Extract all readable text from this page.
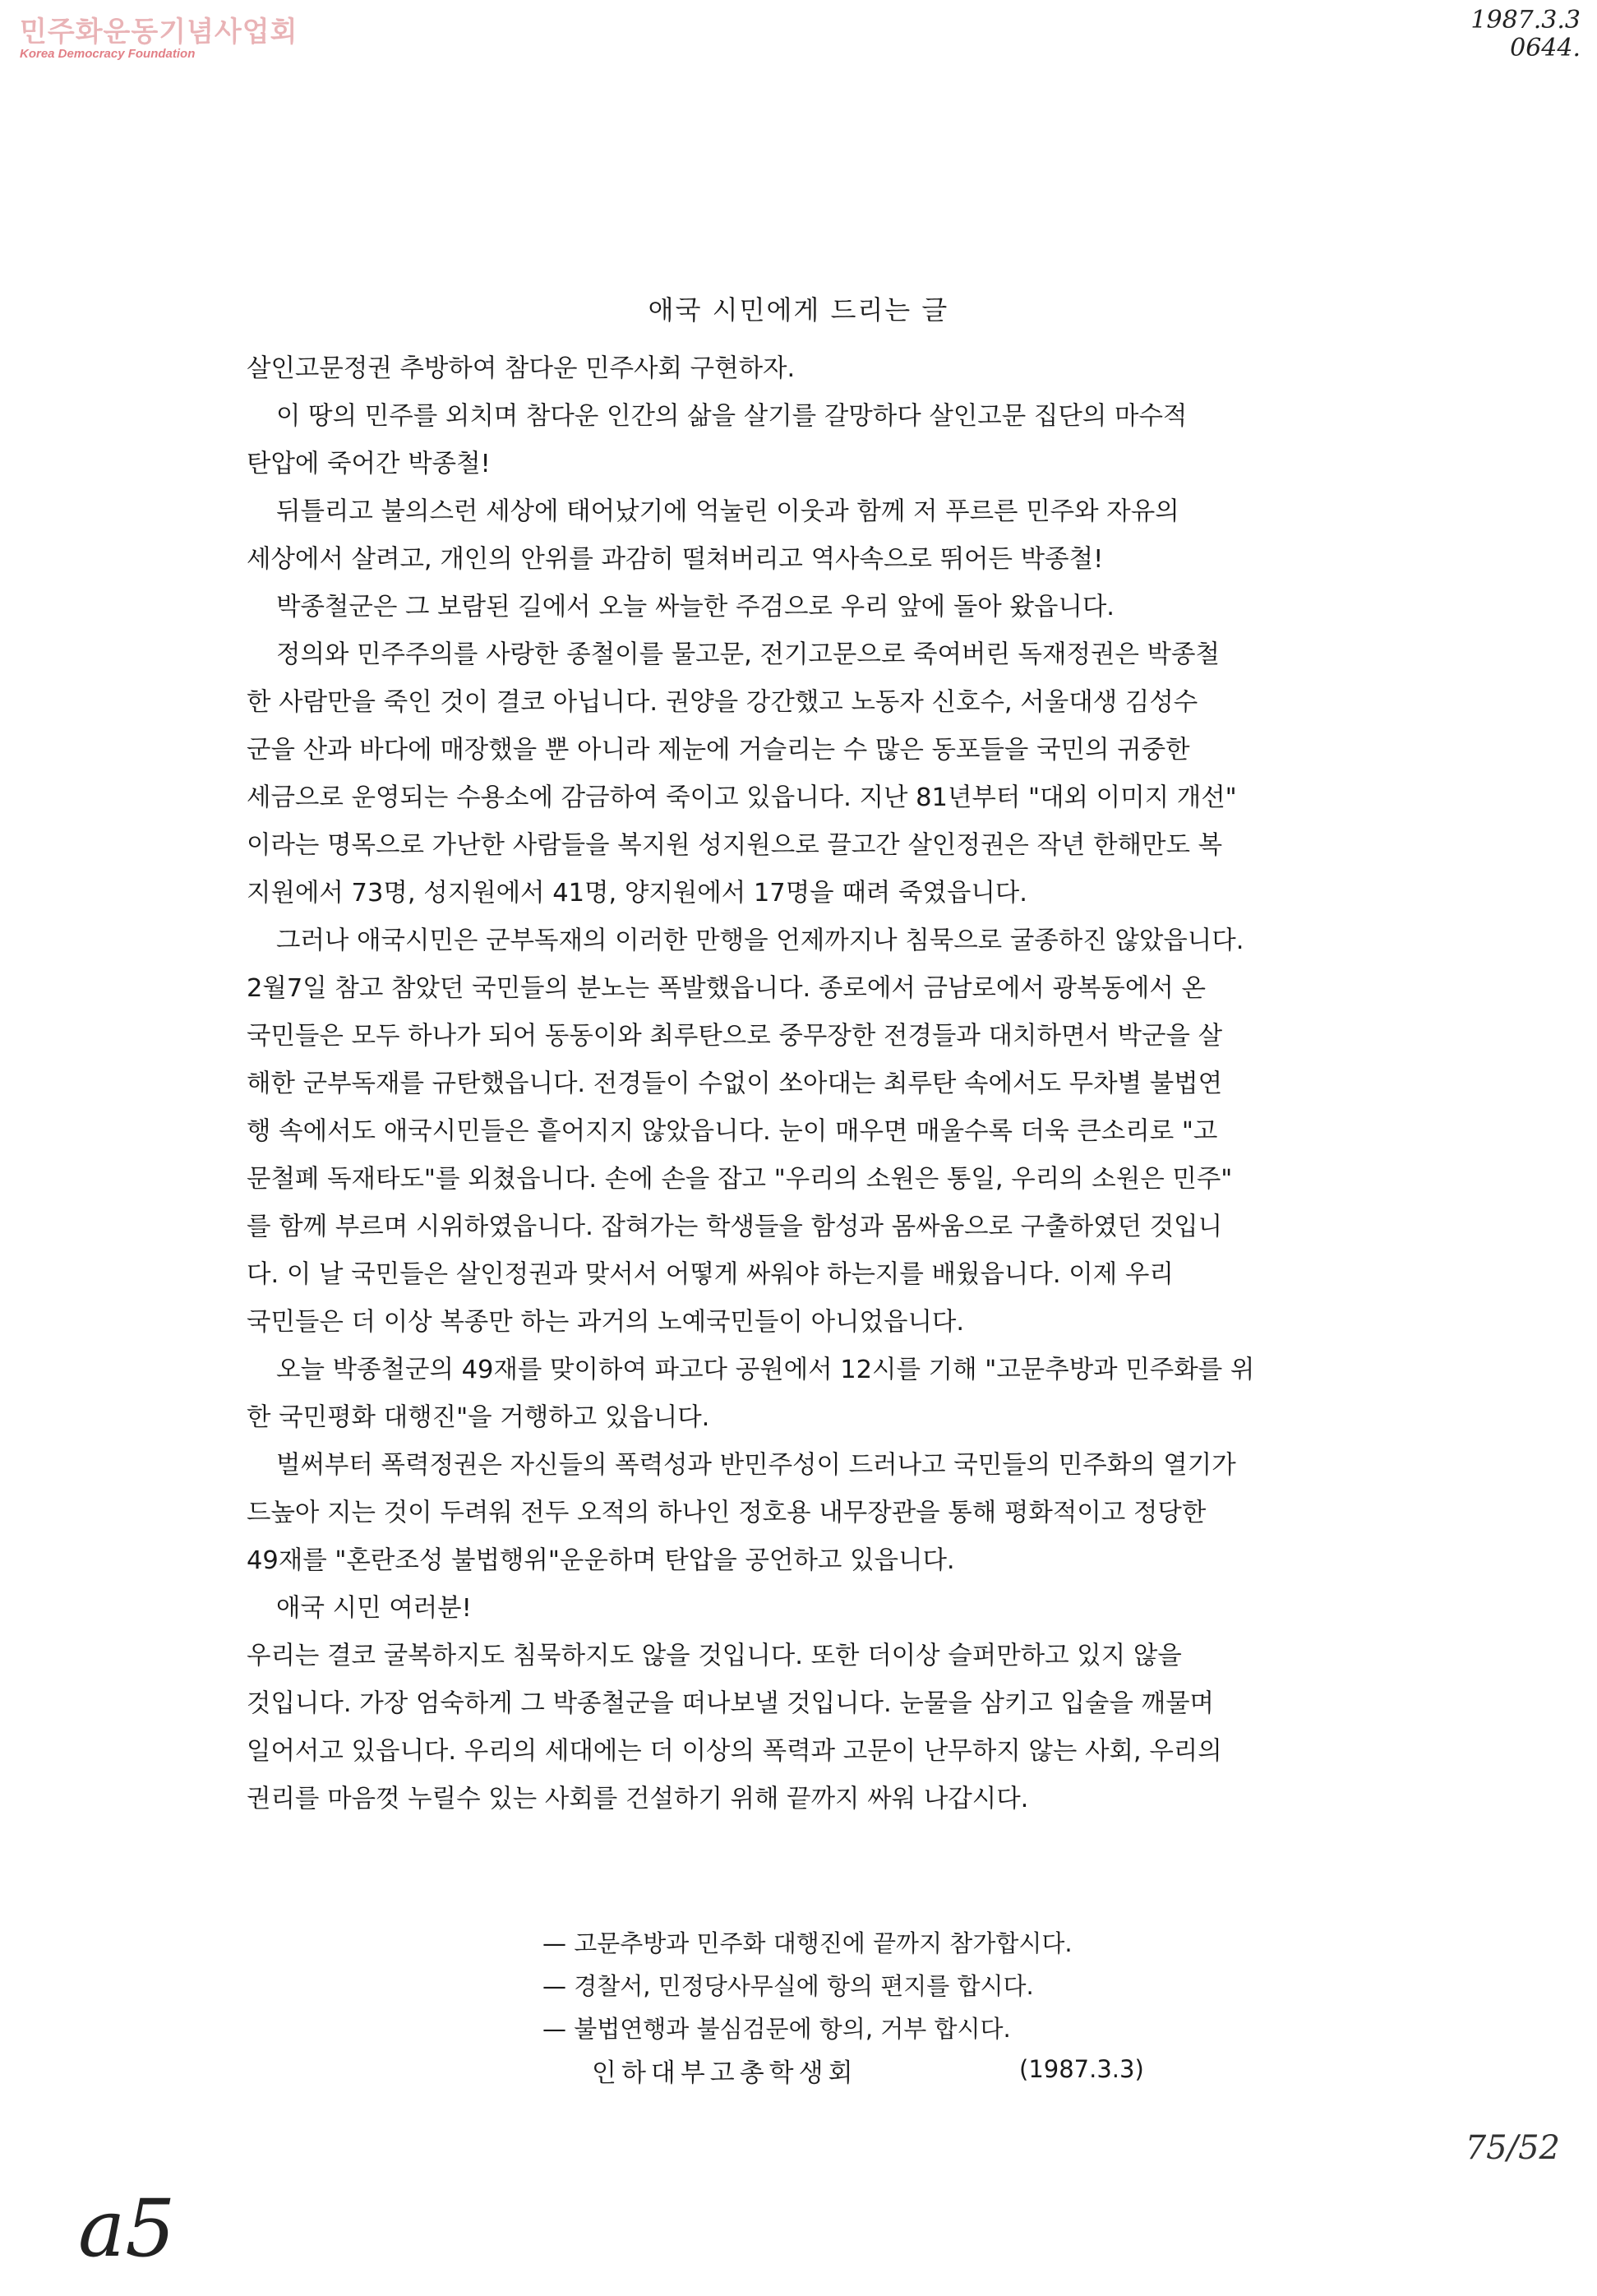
민주화운동기념사업회
Korea Democracy Foundation
1987.3.3
0644.
애국 시민에게 드리는 글
살인고문정권 추방하여 참다운 민주사회 구현하자.
이 땅의 민주를 외치며 참다운 인간의 삶을 살기를 갈망하다 살인고문 집단의 마수적
탄압에 죽어간 박종철!
뒤틀리고 불의스런 세상에 태어났기에 억눌린 이웃과 함께 저 푸르른 민주와 자유의
세상에서 살려고, 개인의 안위를 과감히 떨쳐버리고 역사속으로 뛰어든 박종철!
박종철군은 그 보람된 길에서 오늘 싸늘한 주검으로 우리 앞에 돌아 왔읍니다.
정의와 민주주의를 사랑한 종철이를 물고문, 전기고문으로 죽여버린 독재정권은 박종철
한 사람만을 죽인 것이 결코 아닙니다. 권양을 강간했고 노동자 신호수, 서울대생 김성수
군을 산과 바다에 매장했을 뿐 아니라 제눈에 거슬리는 수 많은 동포들을 국민의 귀중한
세금으로 운영되는 수용소에 감금하여 죽이고 있읍니다. 지난 81년부터 "대외 이미지 개선"
이라는 명목으로 가난한 사람들을 복지원 성지원으로 끌고간 살인정권은 작년 한해만도 복
지원에서 73명, 성지원에서 41명, 양지원에서 17명을 때려 죽였읍니다.
그러나 애국시민은 군부독재의 이러한 만행을 언제까지나 침묵으로 굴종하진 않았읍니다.
2월7일 참고 참았던 국민들의 분노는 폭발했읍니다. 종로에서 금남로에서 광복동에서 온
국민들은 모두 하나가 되어 동동이와 최루탄으로 중무장한 전경들과 대치하면서 박군을 살
해한 군부독재를 규탄했읍니다. 전경들이 수없이 쏘아대는 최루탄 속에서도 무차별 불법연
행 속에서도 애국시민들은 흩어지지 않았읍니다. 눈이 매우면 매울수록 더욱 큰소리로 "고
문철폐 독재타도"를 외쳤읍니다. 손에 손을 잡고 "우리의 소원은 통일, 우리의 소원은 민주"
를 함께 부르며 시위하였읍니다. 잡혀가는 학생들을 함성과 몸싸움으로 구출하였던 것입니
다. 이 날 국민들은 살인정권과 맞서서 어떻게 싸워야 하는지를 배웠읍니다. 이제 우리
국민들은 더 이상 복종만 하는 과거의 노예국민들이 아니었읍니다.
오늘 박종철군의 49재를 맞이하여 파고다 공원에서 12시를 기해 "고문추방과 민주화를 위
한 국민평화 대행진"을 거행하고 있읍니다.
벌써부터 폭력정권은 자신들의 폭력성과 반민주성이 드러나고 국민들의 민주화의 열기가
드높아 지는 것이 두려워 전두 오적의 하나인 정호용 내무장관을 통해 평화적이고 정당한
49재를 "혼란조성 불법행위"운운하며 탄압을 공언하고 있읍니다.
애국 시민 여러분!
우리는 결코 굴복하지도 침묵하지도 않을 것입니다. 또한 더이상 슬퍼만하고 있지 않을
것입니다. 가장 엄숙하게 그 박종철군을 떠나보낼 것입니다. 눈물을 삼키고 입술을 깨물며
일어서고 있읍니다. 우리의 세대에는 더 이상의 폭력과 고문이 난무하지 않는 사회, 우리의
권리를 마음껏 누릴수 있는 사회를 건설하기 위해 끝까지 싸워 나갑시다.
— 고문추방과 민주화 대행진에 끝까지 참가합시다.
— 경찰서, 민정당사무실에 항의 편지를 합시다.
— 불법연행과 불심검문에 항의, 거부 합시다.
인하대부고총학생회	(1987.3.3)
a5
75/52
